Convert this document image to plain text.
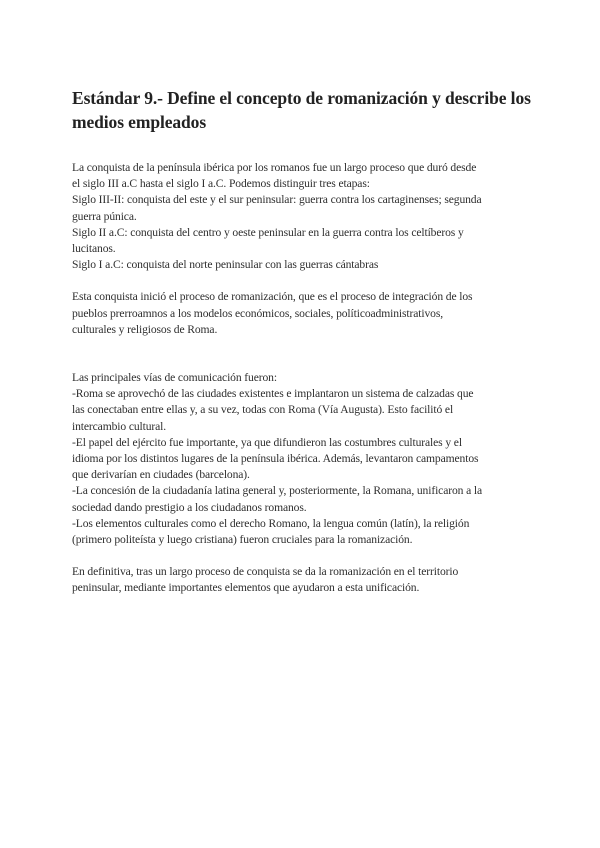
Estándar 9.- Define el concepto de romanización y describe los
medios empleados

La conquista de la península ibérica por los romanos fue un largo proceso que duró desde
el siglo III a.C hasta el siglo I a.C. Podemos distinguir tres etapas:
Siglo III-II: conquista del este y el sur peninsular: guerra contra los cartaginenses; segunda
guerra púnica.
Siglo II a.C: conquista del centro y oeste peninsular en la guerra contra los celtíberos y
lucitanos.
Siglo I a.C: conquista del norte peninsular con las guerras cántabras

Esta conquista inició el proceso de romanización, que es el proceso de integración de los
pueblos prerroamnos a los modelos económicos, sociales, políticoadministrativos,
culturales y religiosos de Roma.

Las principales vías de comunicación fueron:
-Roma se aprovechó de las ciudades existentes e implantaron un sistema de calzadas que
las conectaban entre ellas y, a su vez, todas con Roma (Vía Augusta). Esto facilitó el
intercambio cultural.
-El papel del ejército fue importante, ya que difundieron las costumbres culturales y el
idioma por los distintos lugares de la península ibérica. Además, levantaron campamentos
que derivarían en ciudades (barcelona).
-La concesión de la ciudadanía latina general y, posteriormente, la Romana, unificaron a la
sociedad dando prestigio a los ciudadanos romanos.
-Los elementos culturales como el derecho Romano, la lengua común (latín), la religión
(primero politeísta y luego cristiana) fueron cruciales para la romanización.

En definitiva, tras un largo proceso de conquista se da la romanización en el territorio
peninsular, mediante importantes elementos que ayudaron a esta unificación.
